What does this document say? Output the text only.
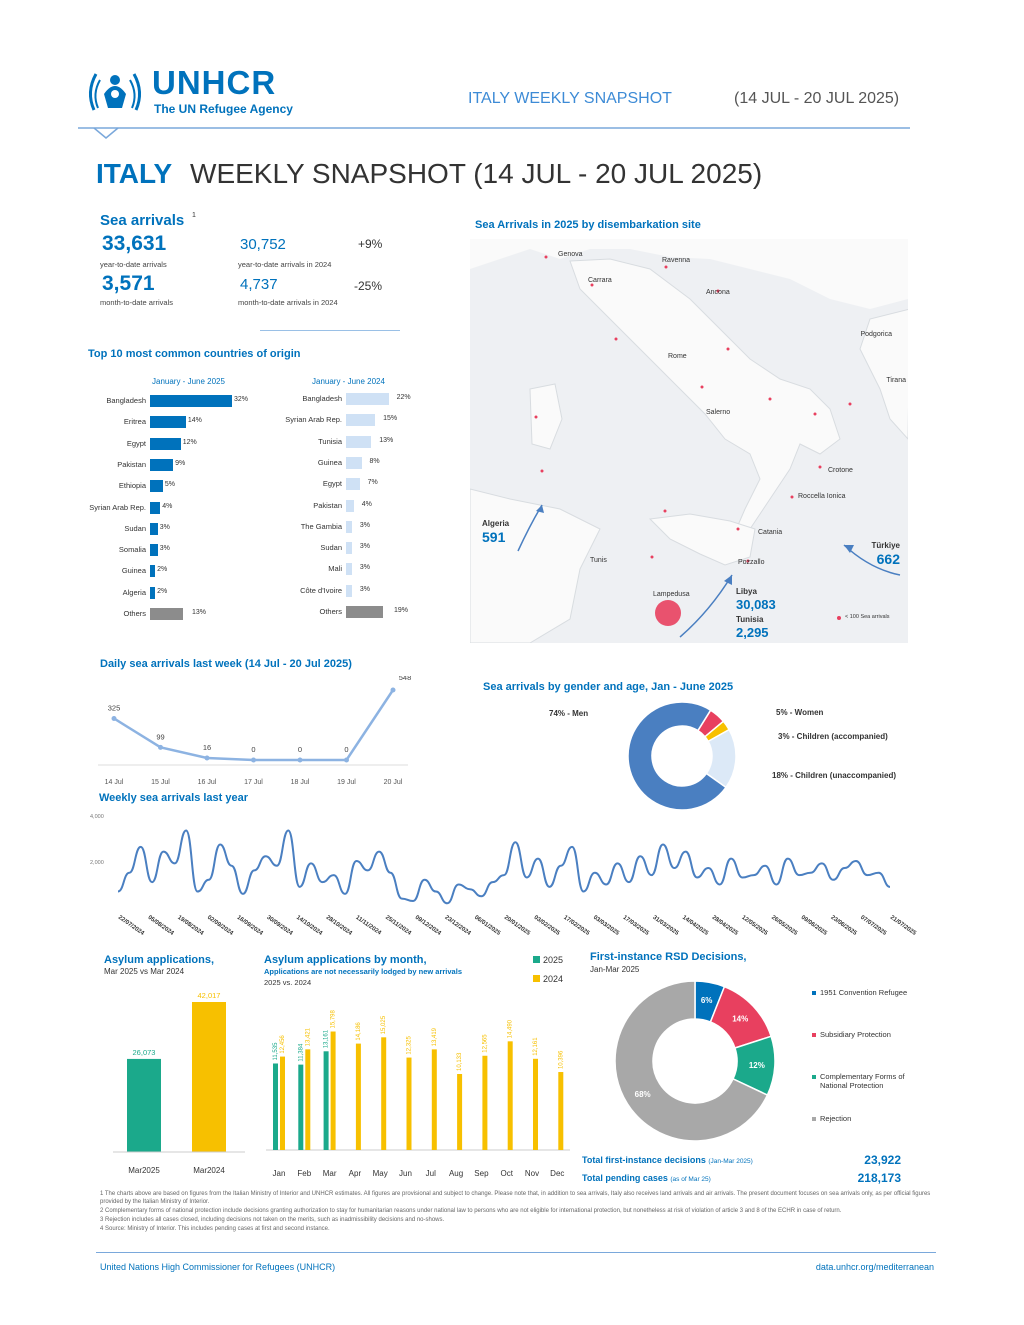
UNHCR
The UN Refugee Agency
ITALY WEEKLY SNAPSHOT	(14 JUL - 20 JUL 2025)
ITALY WEEKLY SNAPSHOT (14 JUL - 20 JUL 2025)
Sea arrivals 1
33,631
year-to-date arrivals
30,752	+9%
year-to-date arrivals in 2024
3,571
month-to-date arrivals
4,737	-25%
month-to-date arrivals in 2024
Top 10 most common countries of origin
January - June 2025	January - June 2024
Bangladesh	32%
Eritrea	14%
Egypt	12%
Pakistan	9%
Ethiopia	5%
Syrian Arab Rep. 4%
Sudan 3%
Somalia 3%
Guinea 2%
Algeria 2%
Others	13%
Bangladesh	22%
Syrian Arab Rep.	15%
Tunisia	13%
Guinea	8%
Egypt	7%
Pakistan	4%
The Gambia	3%
Sudan	3%
Mali	3%
Côte d'Ivoire	3%
Others	19%
Sea Arrivals in 2025 by disembarkation site
Genova
Ravenna
Carrara
Ancona
Rome
Salerno
Crotone
Roccella Ionica
Catania
Pozzallo
Lampedusa
Tunis
Podgorica
Tirana
Algeria
591
Türkiye
662
Libya
30,083
Tunisia
2,295
< 100 Sea arrivals
Daily sea arrivals last week (14 Jul - 20 Jul 2025)
325
14 Jul
99
15 Jul
16
16 Jul
0
17 Jul
0
18 Jul
0
19 Jul
548
20 Jul
Sea arrivals by gender and age, Jan - June 2025
74% - Men	5% - Women
3% - Children (accompanied)
18% - Children (unaccompanied)
Weekly sea arrivals last year
4,000
2,000
22/07/2024 05/08/2024 19/08/2024 02/09/2024 16/09/2024 30/09/2024 14/10/2024 28/10/2024 11/11/2024 25/11/2024 09/12/2024 23/12/2024 06/01/2025 20/01/2025 03/02/2025 17/02/2025 03/03/2025 17/03/2025 31/03/2025 14/04/2025 28/04/2025 12/05/2025 26/05/2025 09/06/2025 23/06/2025 07/07/2025 21/07/2025
Asylum applications,
Mar 2025 vs Mar 2024
26,073
Mar2025
42,017
Mar2024
Asylum applications by month,
Applications are not necessarily lodged by new arrivals
2025 vs. 2024
2025
2024
11,535 12,456
Jan
11,384
13,421
Feb
13,161
15,798
Mar
14,186
Apr
15,025
May
12,325
Jun
13,419
Jul
10,133
Aug
12,565
Sep
14,490
Oct
12,161
Nov
10,396
Dec
First-instance RSD Decisions,
Jan-Mar 2025
6%
14%
12%
68%
1951 Convention Refugee
Subsidiary Protection
Complementary Forms of National Protection
Rejection
Total first-instance decisions (Jan-Mar 2025)	23,922
Total pending cases (as of Mar 25)	218,173
1 The charts above are based on figures from the Italian Ministry of Interior and UNHCR estimates. All figures are provisional and subject to change. Please note that, in addition to sea arrivals, Italy also receives land arrivals and air arrivals. The present document focuses on sea arrivals only, as per official figures provided by the Italian Ministry of Interior.
2 Complementary forms of national protection include decisions granting authorization to stay for humanitarian reasons under national law to persons who are not eligible for international protection, but nonetheless at risk of violation of article 3 and 8 of the ECHR in case of return.
3 Rejection includes all cases closed, including decisions not taken on the merits, such as inadmissibility decisions and no-shows.
4 Source: Ministry of Interior. This includes pending cases at first and second instance.
United Nations High Commissioner for Refugees (UNHCR)	data.unhcr.org/mediterranean
